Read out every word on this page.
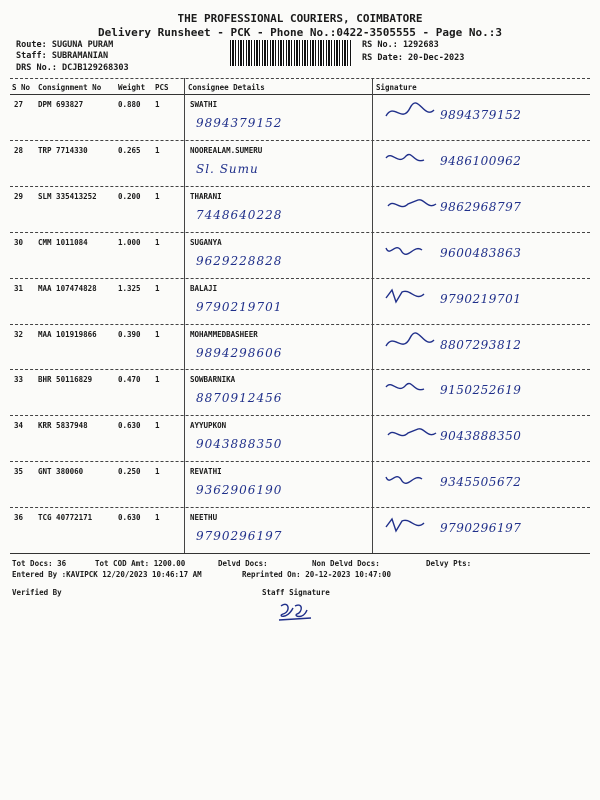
THE PROFESSIONAL COURIERS, COIMBATORE
Delivery Runsheet - PCK - Phone No.:0422-3505555 - Page No.:3
Route: SUGUNA PURAM
Staff: SUBRAMANIAN
DRS No.: DCJB129268303
RS No.: 1292683
RS Date: 20-Dec-2023
S No Consignment No Weight PCS	Consignee Details	Signature
27 DPM 693827	0.880 1	SWATHI
9894379152
9894379152
28 TRP 7714330	0.265 1	NOOREALAM.SUMERU
Sl. Sumu
9486100962
29 SLM 335413252	0.200 1	THARANI
7448640228
9862968797
30 CMM 1011084	1.000 1	SUGANYA
9629228828
9600483863
31 MAA 107474828	1.325 1	BALAJI
9790219701
9790219701
32 MAA 101919866	0.390 1	MOHAMMEDBASHEER
9894298606
8807293812
33 BHR 50116829	0.470 1	SOWBARNIKA
8870912456
9150252619
34 KRR 5837948	0.630 1	AYYUPKON
9043888350
9043888350
35 GNT 380060	0.250 1	REVATHI
9362906190
9345505672
36 TCG 40772171	0.630 1	NEETHU
9790296197
9790296197
Tot Docs: 36	Tot COD Amt: 1200.00	Delvd Docs:	Non Delvd Docs:	Delvy Pts:
Entered By :KAVIPCK 12/20/2023 10:46:17 AM	Reprinted On: 20-12-2023 10:47:00
Verified By	Staff Signature
